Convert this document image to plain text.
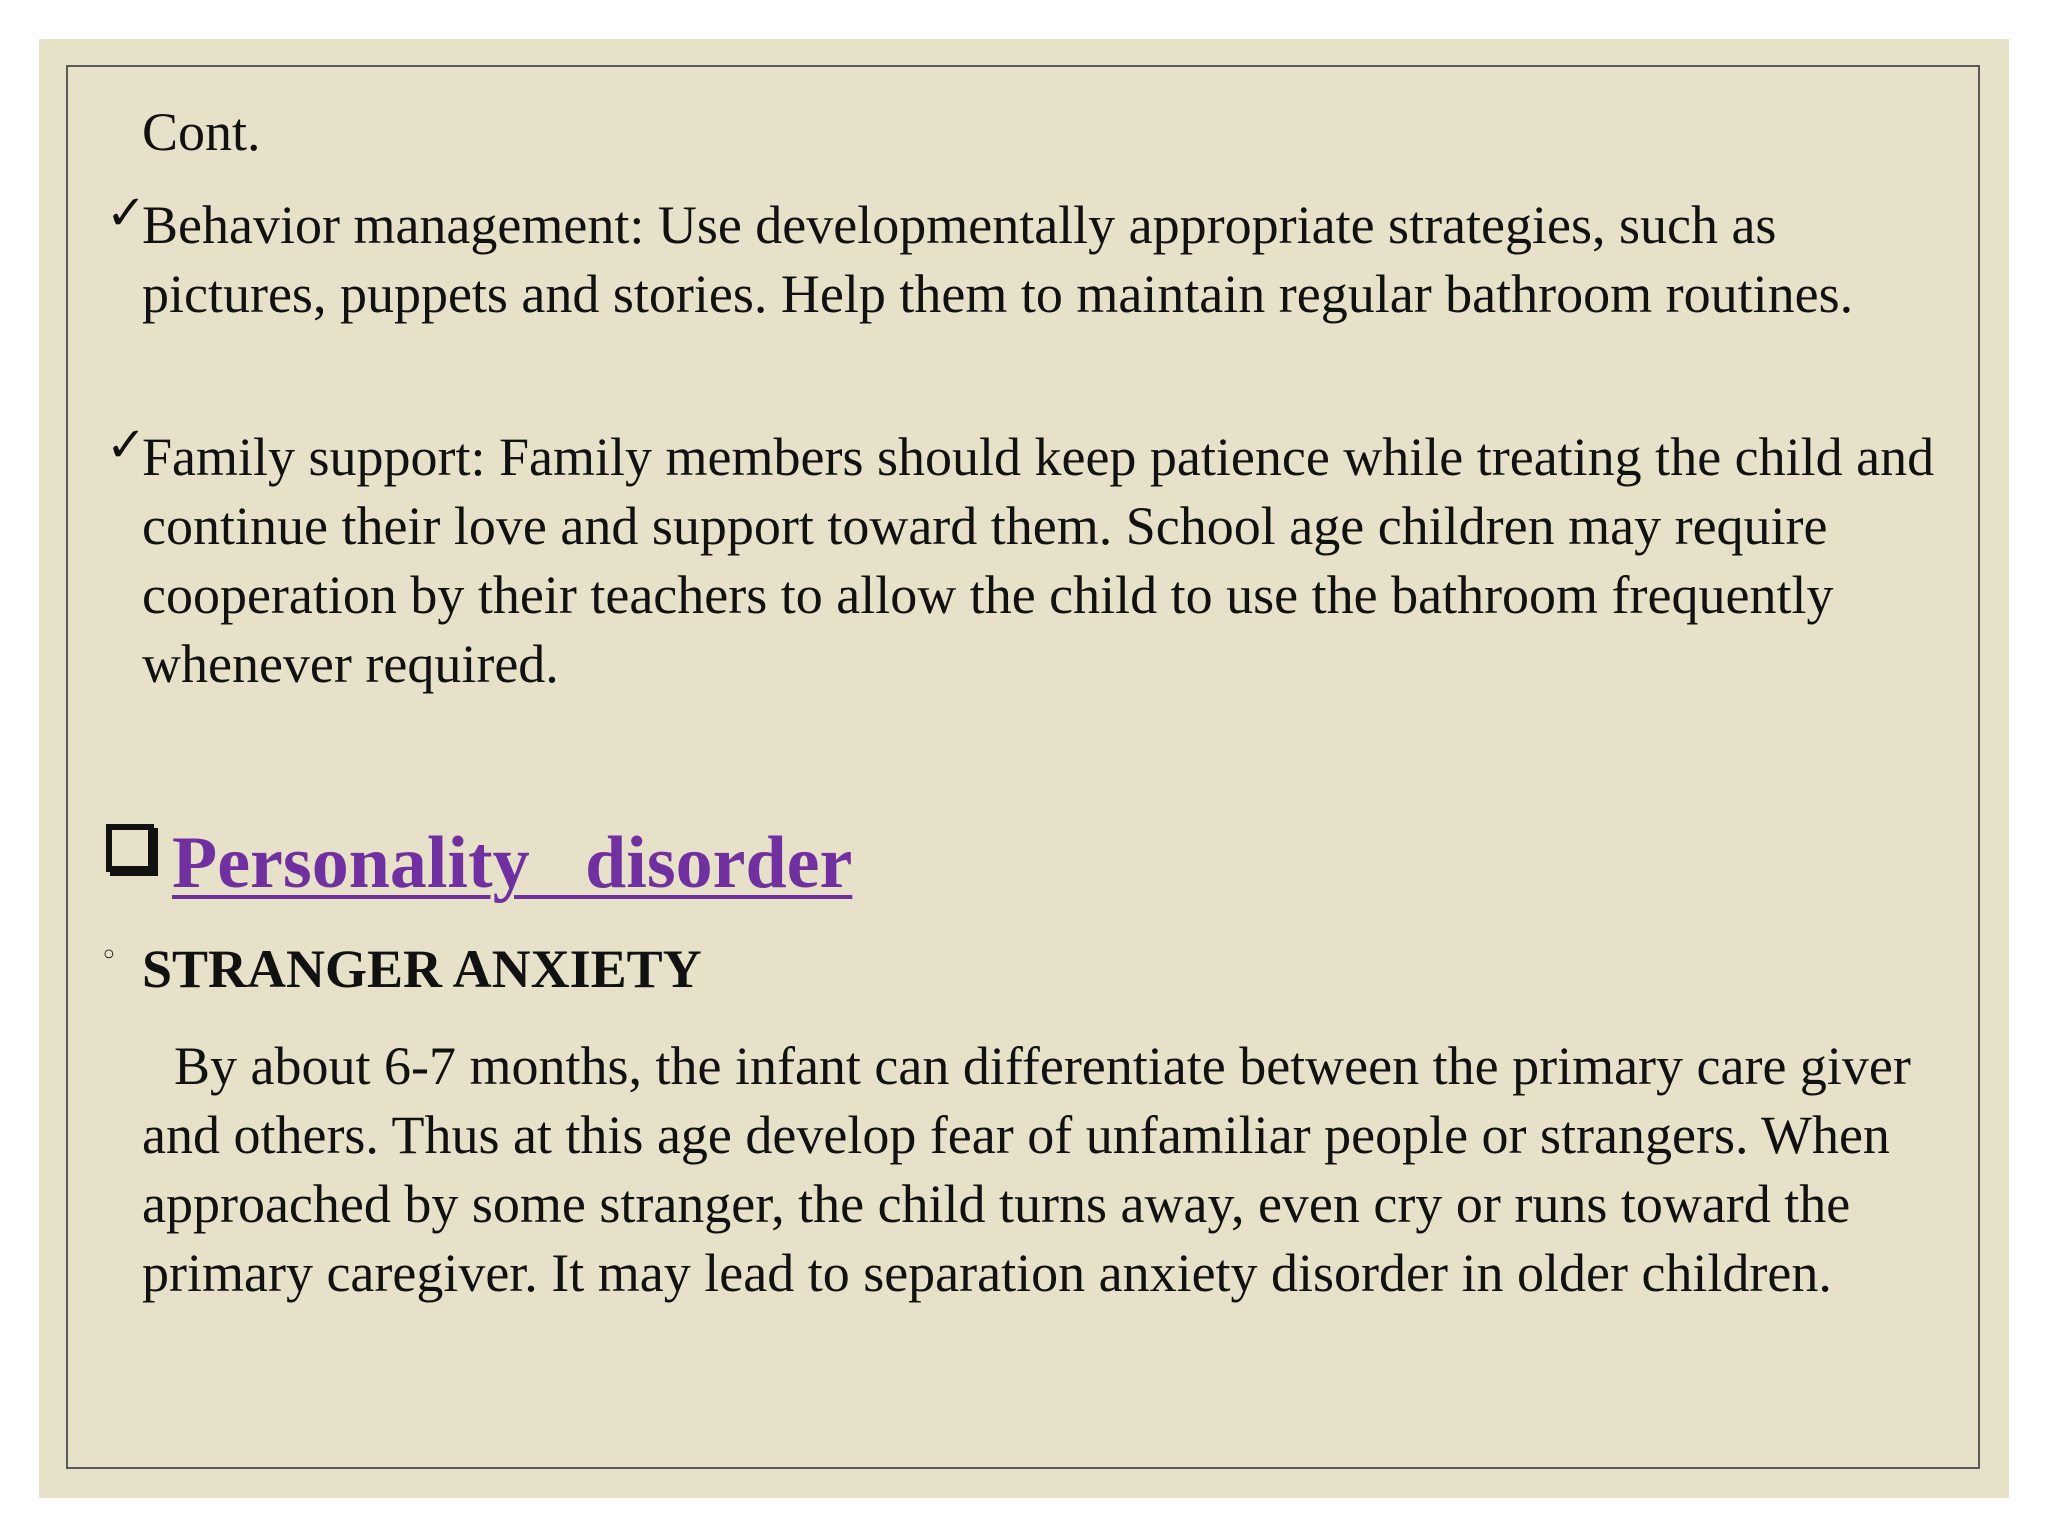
Cont.
✓
Behavior management: Use developmentally appropriate strategies, such as pictures, puppets and stories. Help them to maintain regular bathroom routines.
✓
Family support: Family members should keep patience while treating the child and continue their love and support toward them. School age children may require cooperation by their teachers to allow the child to use the bathroom frequently whenever required.
Personality   disorder
◦ STRANGER ANXIETY
By about 6-7 months, the infant can differentiate between the primary care giver and others. Thus at this age develop fear of unfamiliar people or strangers. When approached by some stranger, the child turns away, even cry or runs toward the primary caregiver. It may lead to separation anxiety disorder in older children.
